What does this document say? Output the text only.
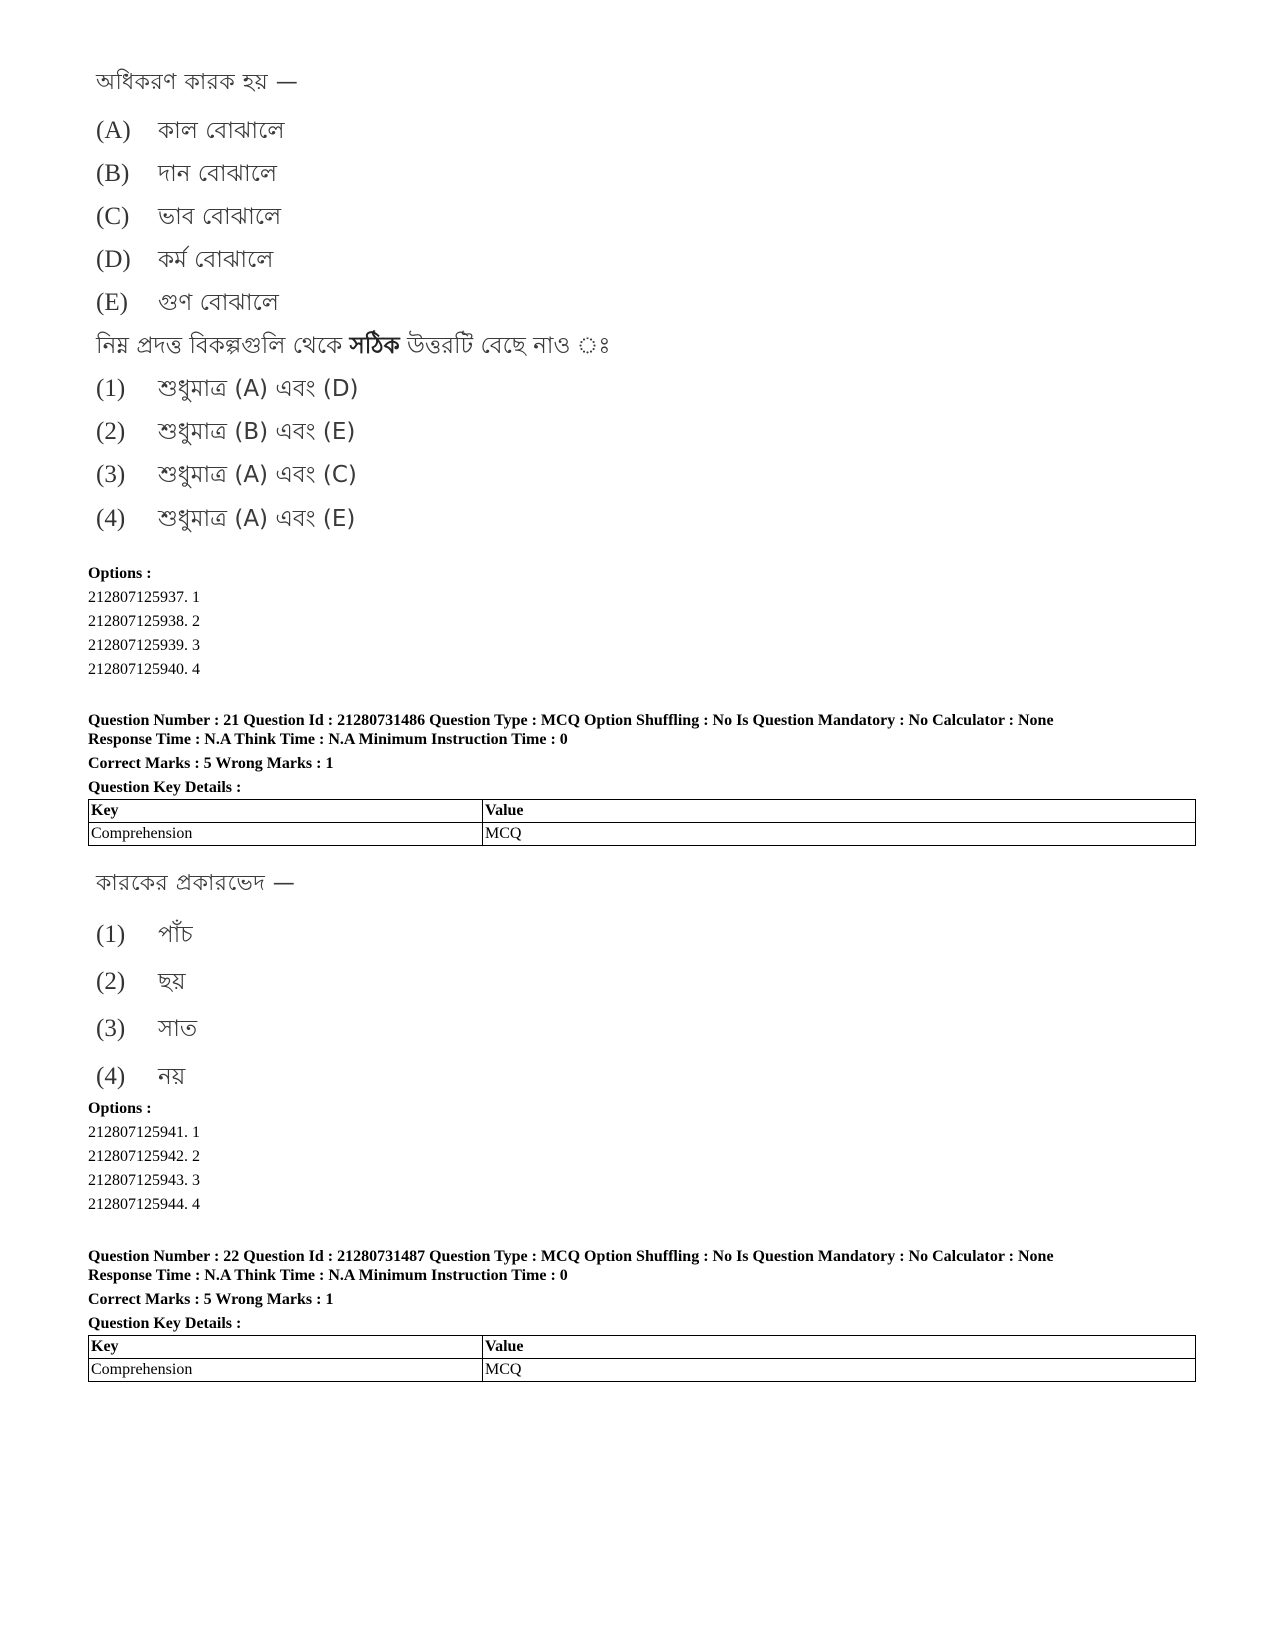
অধিকরণ কারক হয় —
(A) কাল বোঝালে
(B) দান বোঝালে
(C) ভাব বোঝালে
(D) কর্ম বোঝালে
(E) গুণ বোঝালে
নিম্ন প্রদত্ত বিকল্পগুলি থেকে সঠিক উত্তরটি বেছে নাও ঃ
(1) শুধুমাত্র (A) এবং (D)
(2) শুধুমাত্র (B) এবং (E)
(3) শুধুমাত্র (A) এবং (C)
(4) শুধুমাত্র (A) এবং (E)
Options :
212807125937. 1
212807125938. 2
212807125939. 3
212807125940. 4
Question Number : 21 Question Id : 21280731486 Question Type : MCQ Option Shuffling : No Is Question Mandatory : No Calculator : None
Response Time : N.A Think Time : N.A Minimum Instruction Time : 0
Correct Marks : 5 Wrong Marks : 1
Question Key Details :
Key	Value
Comprehension	MCQ
কারকের প্রকারভেদ —
(1) পাঁচ
(2) ছয়
(3) সাত
(4) নয়
Options :
212807125941. 1
212807125942. 2
212807125943. 3
212807125944. 4
Question Number : 22 Question Id : 21280731487 Question Type : MCQ Option Shuffling : No Is Question Mandatory : No Calculator : None
Response Time : N.A Think Time : N.A Minimum Instruction Time : 0
Correct Marks : 5 Wrong Marks : 1
Question Key Details :
Key	Value
Comprehension	MCQ
